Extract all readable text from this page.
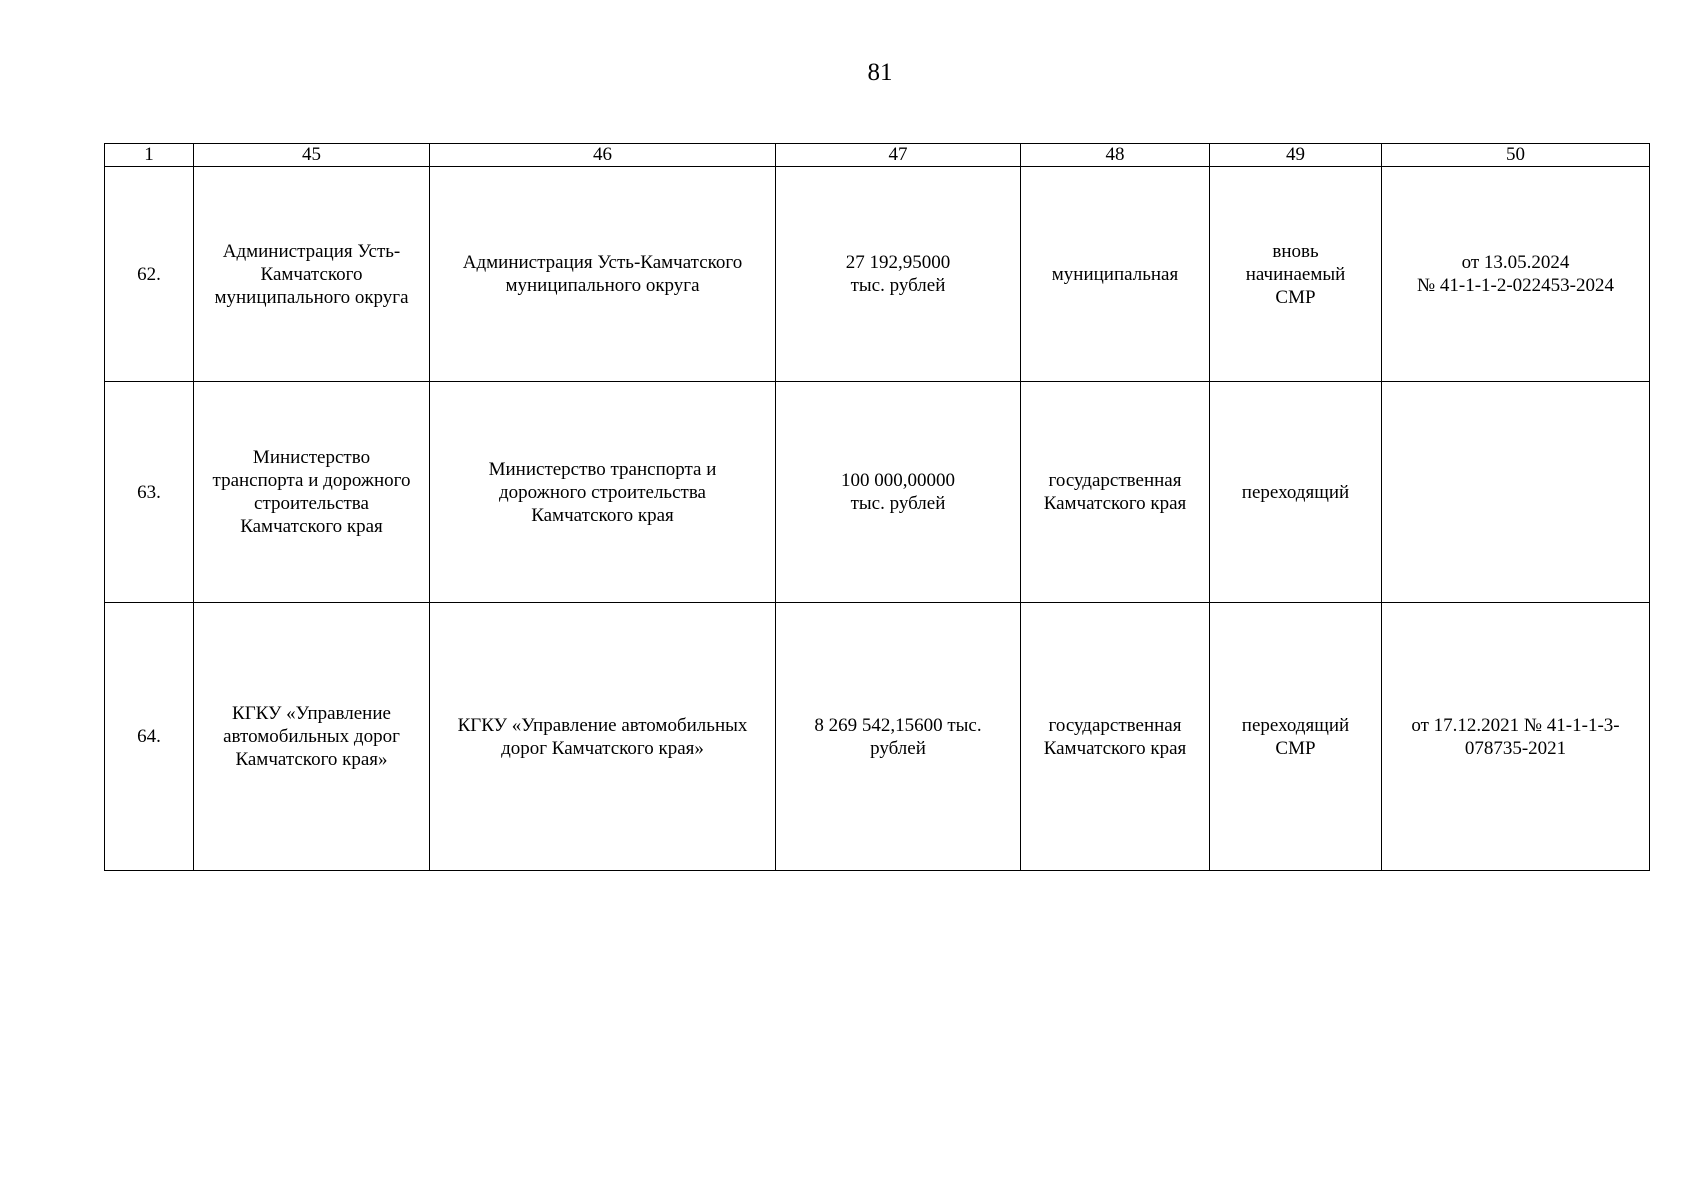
81
1	45	46	47	48	49	50
62.	Администрация Усть-
Камчатского
муниципального округа	Администрация Усть-Камчатского
муниципального округа	27 192,95000
тыс. рублей	муниципальная	вновь
начинаемый
СМР	от 13.05.2024
№ 41-1-1-2-022453-2024
63.	Министерство
транспорта и дорожного
строительства
Камчатского края	Министерство транспорта и
дорожного строительства
Камчатского края	100 000,00000
тыс. рублей	государственная
Камчатского края	переходящий	
64.	КГКУ «Управление
автомобильных дорог
Камчатского края»	КГКУ «Управление автомобильных
дорог Камчатского края»	8 269 542,15600 тыс.
рублей	государственная
Камчатского края	переходящий
СМР	от 17.12.2021 № 41-1-1-3-
078735-2021
